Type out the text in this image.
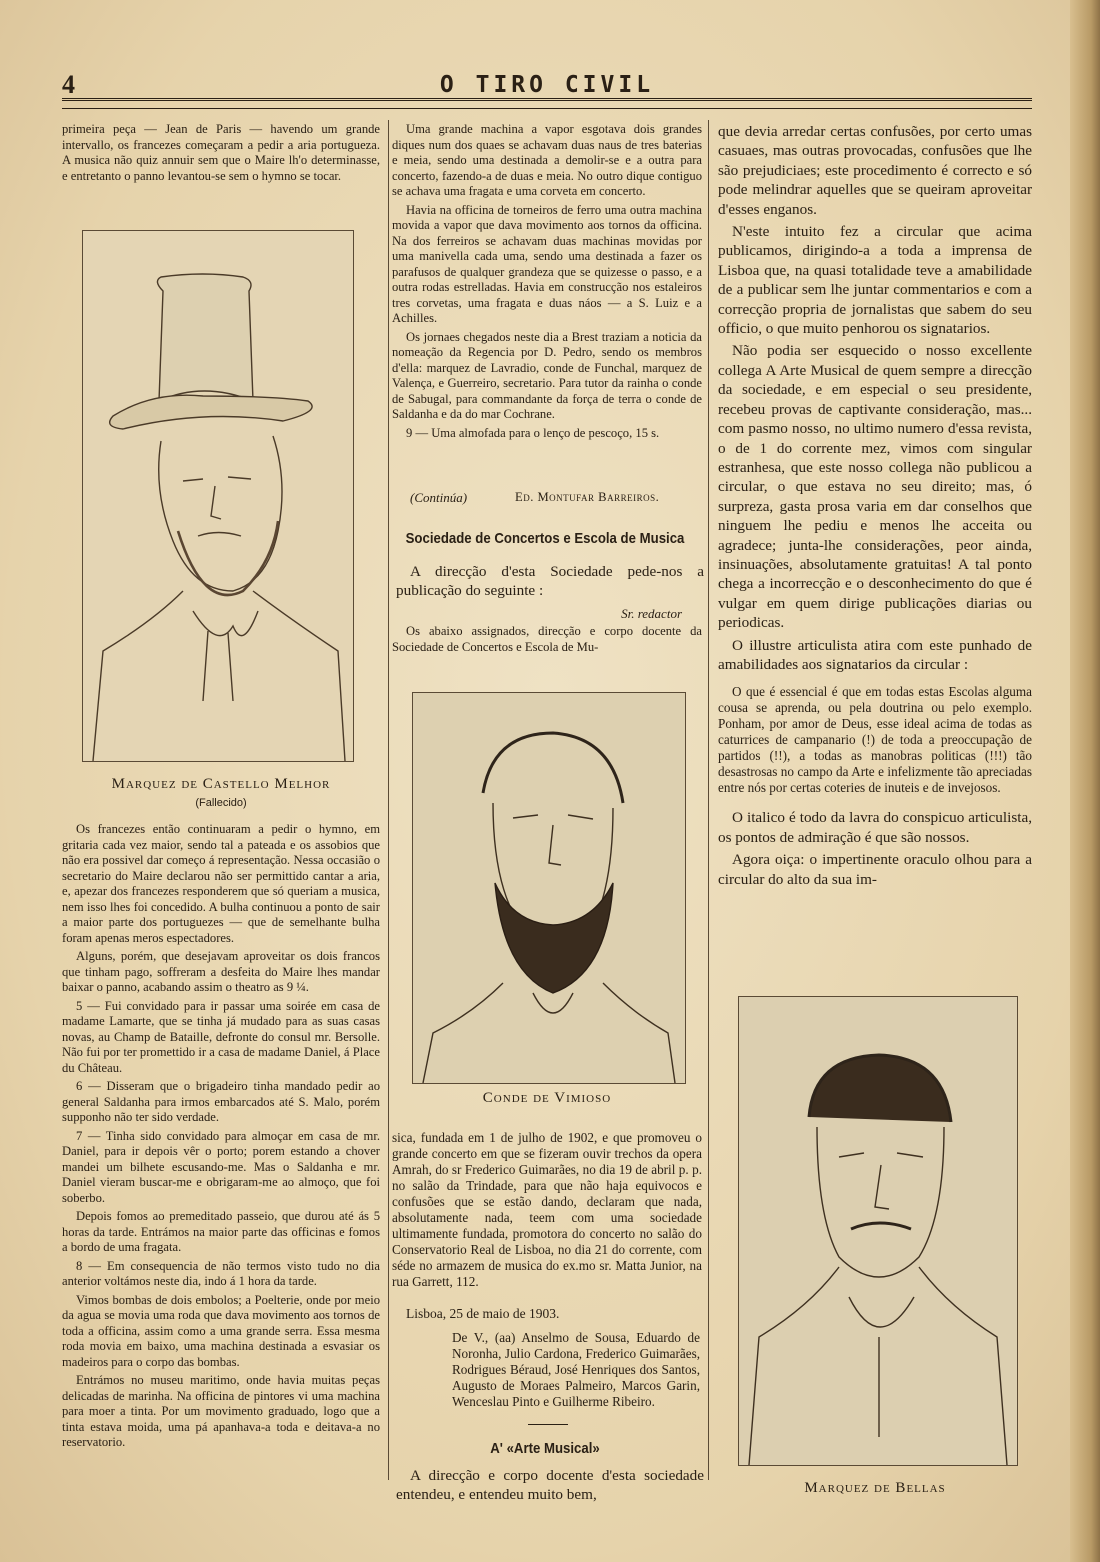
4	O TIRO CIVIL

primeira peça — Jean de Paris — havendo um grande intervallo, os francezes começaram a pedir a aria portugueza. A musica não quiz annuir sem que o Maire lh'o determinasse, e entretanto o panno levantou-se sem o hymno se tocar.

Marquez de Castello Melhor
(Fallecido)

Os francezes então continuaram a pedir o hymno, em gritaria cada vez maior, sendo tal a pateada e os assobios que não era possivel dar começo á representação. Nessa occasião o secretario do Maire declarou não ser permittido cantar a aria, e, apezar dos francezes responderem que só queriam a musica, nem isso lhes foi concedido. A bulha continuou a ponto de sair a maior parte dos portuguezes — que de semelhante bulha foram apenas meros espectadores.

Alguns, porém, que desejavam aproveitar os dois francos que tinham pago, soffreram a desfeita do Maire lhes mandar baixar o panno, acabando assim o theatro as 9 ¼.

5 — Fui convidado para ir passar uma soirée em casa de madame Lamarte, que se tinha já mudado para as suas casas novas, au Champ de Bataille, defronte do consul mr. Bersolle. Não fui por ter promettido ir a casa de madame Daniel, á Place du Château.

6 — Disseram que o brigadeiro tinha mandado pedir ao general Saldanha para irmos embarcados até S. Malo, porém supponho não ter sido verdade.

7 — Tinha sido convidado para almoçar em casa de mr. Daniel, para ir depois vêr o porto; porem estando a chover mandei um bilhete escusando-me. Mas o Saldanha e mr. Daniel vieram buscar-me e obrigaram-me ao almoço, que foi soberbo.

Depois fomos ao premeditado passeio, que durou até ás 5 horas da tarde. Entrámos na maior parte das officinas e fomos a bordo de uma fragata.

8 — Em consequencia de não termos visto tudo no dia anterior voltámos neste dia, indo á 1 hora da tarde.

Vimos bombas de dois embolos; a Poelterie, onde por meio da agua se movia uma roda que dava movimento aos tornos de toda a officina, assim como a uma grande serra. Essa mesma roda movia em baixo, uma machina destinada a esvasiar os madeiros para o corpo das bombas.

Entrámos no museu maritimo, onde havia muitas peças delicadas de marinha. Na officina de pintores vi uma machina para moer a tinta. Por um movimento graduado, logo que a tinta estava moida, uma pá apanhava-a toda e deitava-a no reservatorio.

Uma grande machina a vapor esgotava dois grandes diques num dos quaes se achavam duas naus de tres baterias e meia, sendo uma destinada a demolir-se e a outra para concerto, fazendo-a de duas e meia. No outro dique contiguo se achava uma fragata e uma corveta em concerto.

Havia na officina de torneiros de ferro uma outra machina movida a vapor que dava movimento aos tornos da officina. Na dos ferreiros se achavam duas machinas movidas por uma manivella cada uma, sendo uma destinada a fazer os parafusos de qualquer grandeza que se quizesse o passo, e a outra rodas estrelladas. Havia em construcção nos estaleiros tres corvetas, uma fragata e duas náos — a S. Luiz e a Achilles.

Os jornaes chegados neste dia a Brest traziam a noticia da nomeação da Regencia por D. Pedro, sendo os membros d'ella: marquez de Lavradio, conde de Funchal, marquez de Valença, e Guerreiro, secretario. Para tutor da rainha o conde de Sabugal, para commandante da força de terra o conde de Saldanha e da do mar Cochrane.

9 — Uma almofada para o lenço de pescoço, 15 s.

(Continúa)	Ed. Montufar Barreiros.
Sociedade de Concertos e Escola de Musica

A direcção d'esta Sociedade pede-nos a publicação do seguinte :

Sr. redactor

Os abaixo assignados, direcção e corpo docente da Sociedade de Concertos e Escola de Mu-

Conde de Vimioso

sica, fundada em 1 de julho de 1902, e que promoveu o grande concerto em que se fizeram ouvir trechos da opera Amrah, do sr Frederico Guimarães, no dia 19 de abril p. p. no salão da Trindade, para que não haja equivocos e confusões que se estão dando, declaram que nada, absolutamente nada, teem com uma sociedade ultimamente fundada, promotora do concerto no salão do Conservatorio Real de Lisboa, no dia 21 do corrente, com séde no armazem de musica do ex.mo sr. Matta Junior, na rua Garrett, 112.

Lisboa, 25 de maio de 1903.

De V., (aa) Anselmo de Sousa, Eduardo de Noronha, Julio Cardona, Frederico Guimarães, Rodrigues Béraud, José Henriques dos Santos, Augusto de Moraes Palmeiro, Marcos Garin, Wenceslau Pinto e Guilherme Ribeiro.

A' «Arte Musical»

A direcção e corpo docente d'esta sociedade entendeu, e entendeu muito bem,

que devia arredar certas confusões, por certo umas casuaes, mas outras provocadas, confusões que lhe são prejudiciaes; este procedimento é correcto e só pode melindrar aquelles que se queiram aproveitar d'esses enganos.

N'este intuito fez a circular que acima publicamos, dirigindo-a a toda a imprensa de Lisboa que, na quasi totalidade teve a amabilidade de a publicar sem lhe juntar commentarios e com a correcção propria de jornalistas que sabem do seu officio, o que muito penhorou os signatarios.

Não podia ser esquecido o nosso excellente collega A Arte Musical de quem sempre a direcção da sociedade, e em especial o seu presidente, recebeu provas de captivante consideração, mas... com pasmo nosso, no ultimo numero d'essa revista, o de 1 do corrente mez, vimos com singular estranhesa, que este nosso collega não publicou a circular, o que estava no seu direito; mas, ó surpreza, gasta prosa varia em dar conselhos que ninguem lhe pediu e menos lhe acceita ou agradece; junta-lhe considerações, peor ainda, insinuações, absolutamente gratuitas! A tal ponto chega a incorrecção e o desconhecimento do que é vulgar em quem dirige publicações diarias ou periodicas.

O illustre articulista atira com este punhado de amabilidades aos signatarios da circular :

O que é essencial é que em todas estas Escolas alguma cousa se aprenda, ou pela doutrina ou pelo exemplo. Ponham, por amor de Deus, esse ideal acima de todas as caturrices de campanario (!) de toda a preoccupação de partidos (!!), a todas as manobras politicas (!!!) tão desastrosas no campo da Arte e infelizmente tão apreciadas entre nós por certas coteries de inuteis e de invejosos.

O italico é todo da lavra do conspicuo articulista, os pontos de admiração é que são nossos.

Agora oiça: o impertinente oraculo olhou para a circular do alto da sua im-

Marquez de Bellas
